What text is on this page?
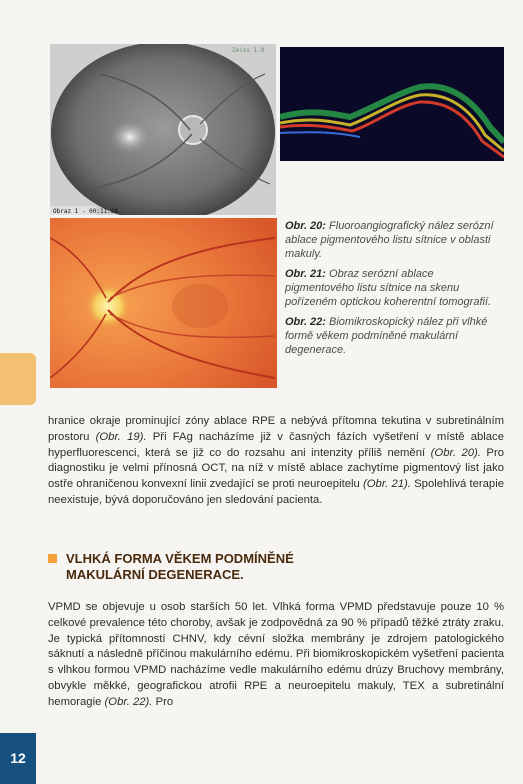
Obraz 1 - 00:11.38
Zeiss 1.0

Obr. 20: Fluoroangiografický nález serózní ablace pigmentového listu sítnice v oblasti makuly.

Obr. 21: Obraz serózní ablace pigmentového listu sítnice na skenu pořízeném optickou koherentní tomografií.

Obr. 22: Biomikroskopický nález při vlhké formě věkem podmíněné makulární degenerace.

hranice okraje prominující zóny ablace RPE a nebývá přítomna tekutina v subretinálním prostoru (Obr. 19). Při FAg nacházíme již v časných fázích vyšetření v místě ablace hyperfluorescenci, která se již co do rozsahu ani intenzity příliš nemění (Obr. 20). Pro diagnostiku je velmi přínosná OCT, na níž v místě ablace zachytíme pigmentový list jako ostře ohraničenou konvexní linii zvedající se proti neuroepitelu (Obr. 21). Spolehlivá terapie neexistuje, bývá doporučováno jen sledování pacienta.
VLHKÁ FORMA VĚKEM PODMÍNĚNÉ
MAKULÁRNÍ DEGENERACE.
VPMD se objevuje u osob starších 50 let. Vlhká forma VPMD představuje pouze 10 % celkové prevalence této choroby, avšak je zodpovědná za 90 % případů těžké ztráty zraku. Je typická přítomností CHNV, kdy cévní složka membrány je zdrojem patologického sáknutí a následně příčinou makulárního edému. Při biomikroskopickém vyšetření pacienta s vlhkou formou VPMD nacházíme vedle makulárního edému drúzy Bruchovy membrány, obvykle měkké, geografickou atrofii RPE a neuroepitelu makuly, TEX a subretinální hemoragie (Obr. 22). Pro
12
